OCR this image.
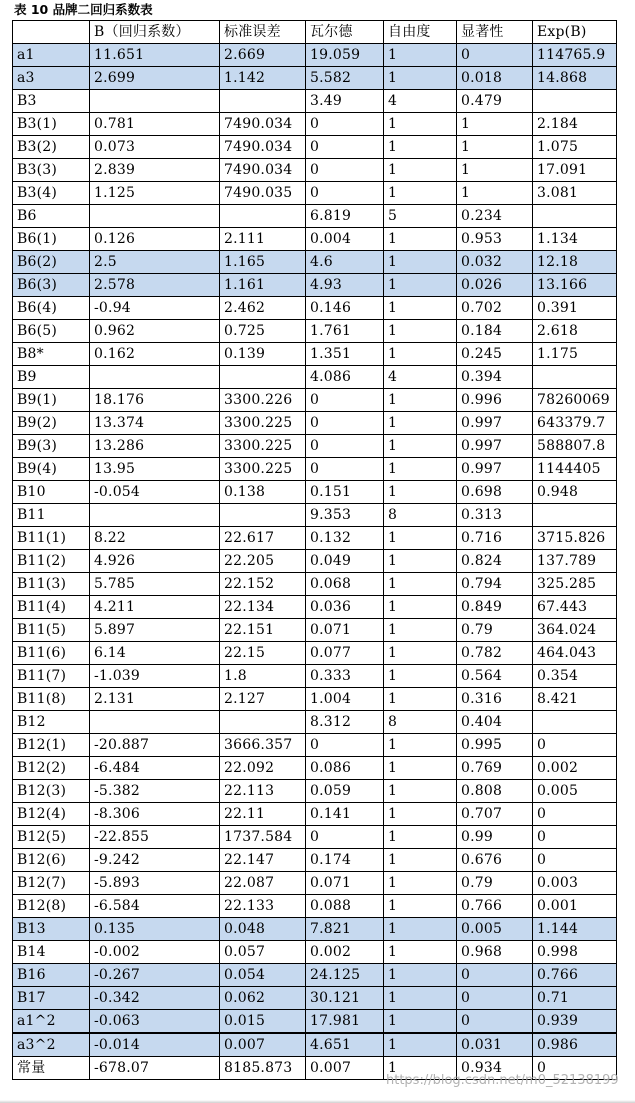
表 10 品牌二回归系数表
	B（回归系数）	标准误差	瓦尔德	自由度	显著性	Exp(B)
a1	11.651	2.669	19.059	1	0	114765.9
a3	2.699	1.142	5.582	1	0.018	14.868
B3			3.49	4	0.479	
B3(1)	0.781	7490.034	0	1	1	2.184
B3(2)	0.073	7490.034	0	1	1	1.075
B3(3)	2.839	7490.034	0	1	1	17.091
B3(4)	1.125	7490.035	0	1	1	3.081
B6			6.819	5	0.234	
B6(1)	0.126	2.111	0.004	1	0.953	1.134
B6(2)	2.5	1.165	4.6	1	0.032	12.18
B6(3)	2.578	1.161	4.93	1	0.026	13.166
B6(4)	-0.94	2.462	0.146	1	0.702	0.391
B6(5)	0.962	0.725	1.761	1	0.184	2.618
B8*	0.162	0.139	1.351	1	0.245	1.175
B9			4.086	4	0.394	
B9(1)	18.176	3300.226	0	1	0.996	78260069
B9(2)	13.374	3300.225	0	1	0.997	643379.7
B9(3)	13.286	3300.225	0	1	0.997	588807.8
B9(4)	13.95	3300.225	0	1	0.997	1144405
B10	-0.054	0.138	0.151	1	0.698	0.948
B11			9.353	8	0.313	
B11(1)	8.22	22.617	0.132	1	0.716	3715.826
B11(2)	4.926	22.205	0.049	1	0.824	137.789
B11(3)	5.785	22.152	0.068	1	0.794	325.285
B11(4)	4.211	22.134	0.036	1	0.849	67.443
B11(5)	5.897	22.151	0.071	1	0.79	364.024
B11(6)	6.14	22.15	0.077	1	0.782	464.043
B11(7)	-1.039	1.8	0.333	1	0.564	0.354
B11(8)	2.131	2.127	1.004	1	0.316	8.421
B12			8.312	8	0.404	
B12(1)	-20.887	3666.357	0	1	0.995	0
B12(2)	-6.484	22.092	0.086	1	0.769	0.002
B12(3)	-5.382	22.113	0.059	1	0.808	0.005
B12(4)	-8.306	22.11	0.141	1	0.707	0
B12(5)	-22.855	1737.584	0	1	0.99	0
B12(6)	-9.242	22.147	0.174	1	0.676	0
B12(7)	-5.893	22.087	0.071	1	0.79	0.003
B12(8)	-6.584	22.133	0.088	1	0.766	0.001
B13	0.135	0.048	7.821	1	0.005	1.144
B14	-0.002	0.057	0.002	1	0.968	0.998
B16	-0.267	0.054	24.125	1	0	0.766
B17	-0.342	0.062	30.121	1	0	0.71
a1^2	-0.063	0.015	17.981	1	0	0.939
a3^2	-0.014	0.007	4.651	1	0.031	0.986
常量	-678.07	8185.873	0.007	1	0.934	0
https://blog.csdn.net/m0_52138199
